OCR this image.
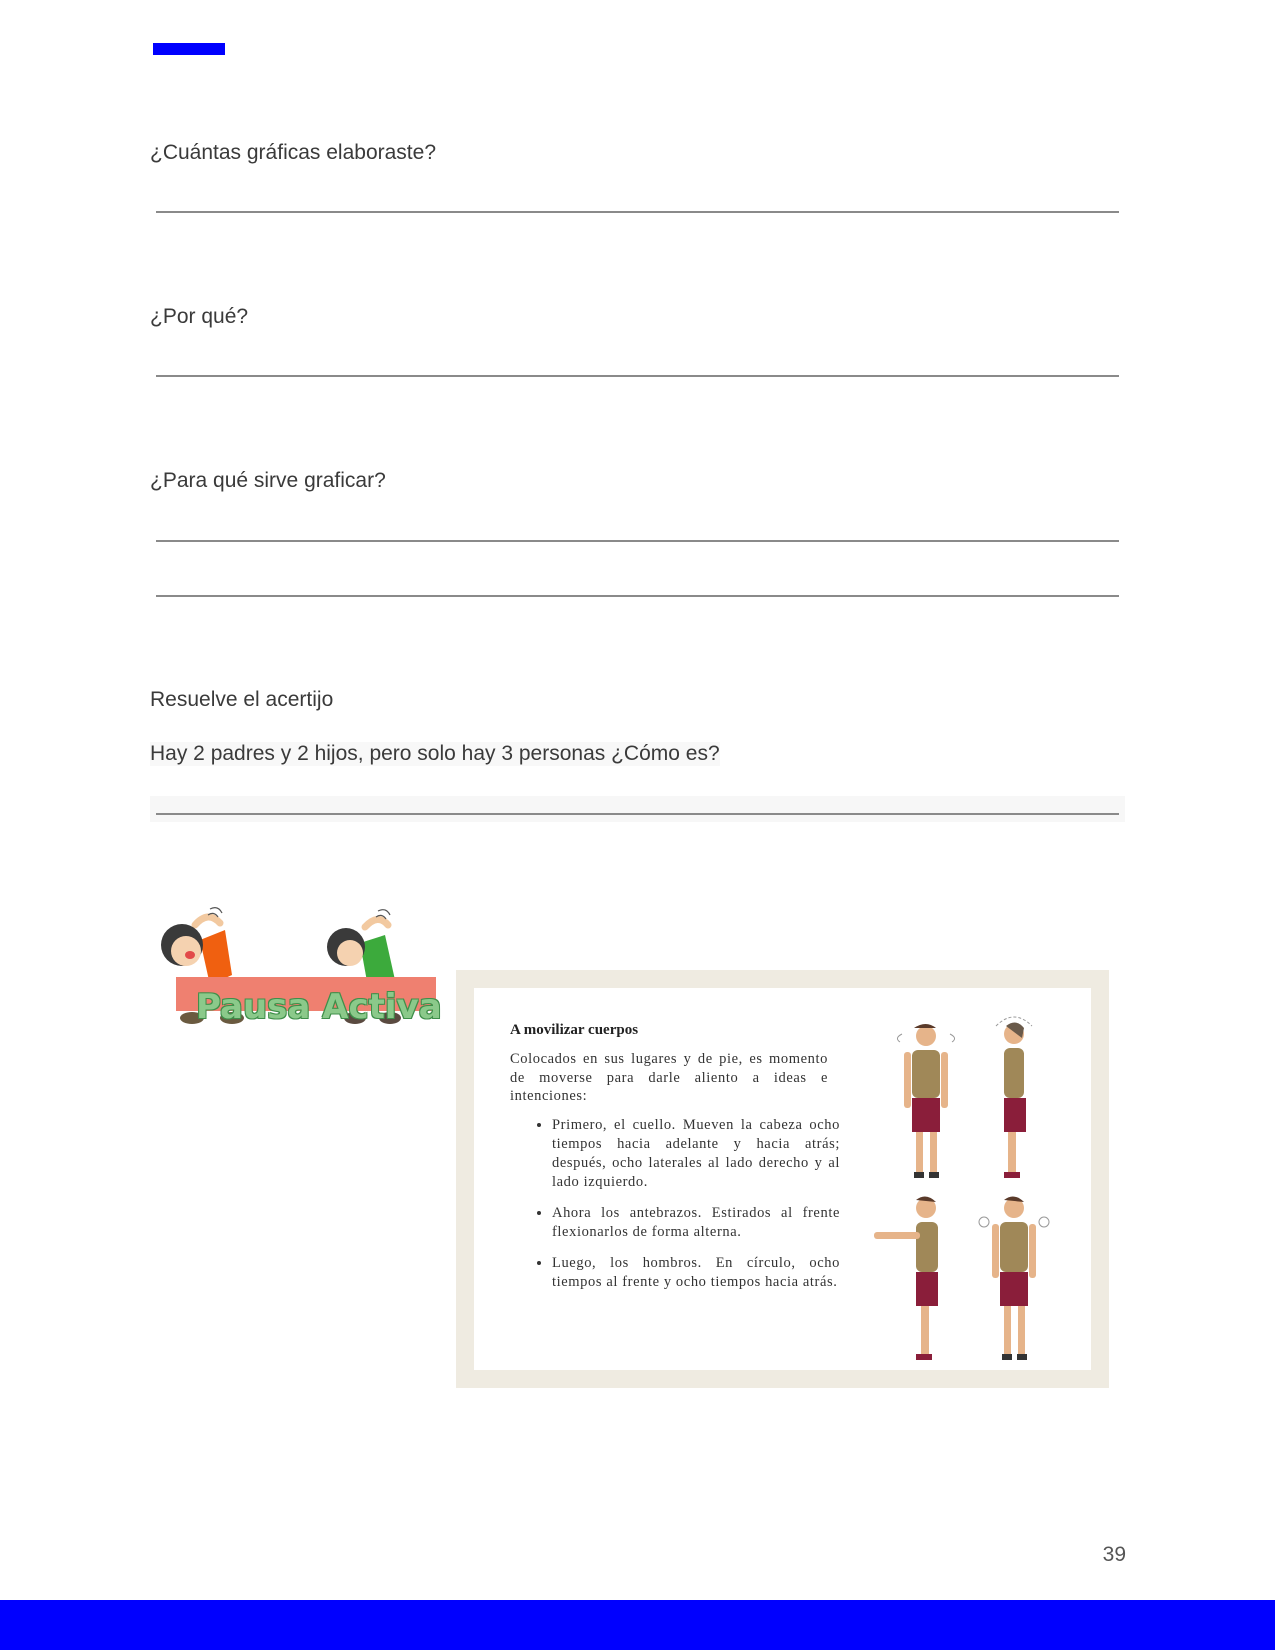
¿Cuántas gráficas elaboraste?
¿Por qué?
¿Para qué sirve graficar?
Resuelve el acertijo
Hay 2 padres y 2 hijos, pero solo hay 3 personas ¿Cómo es?
Pausa Activa
A movilizar cuerpos
Colocados en sus lugares y de pie, es momento de moverse para darle aliento a ideas e intenciones:
• Primero, el cuello. Mueven la cabeza ocho tiempos hacia adelante y hacia atrás; después, ocho laterales al lado derecho y al lado izquierdo.
• Ahora los antebrazos. Estirados al frente flexionarlos de forma alterna.
• Luego, los hombros. En círculo, ocho tiempos al frente y ocho tiempos hacia atrás.
39
